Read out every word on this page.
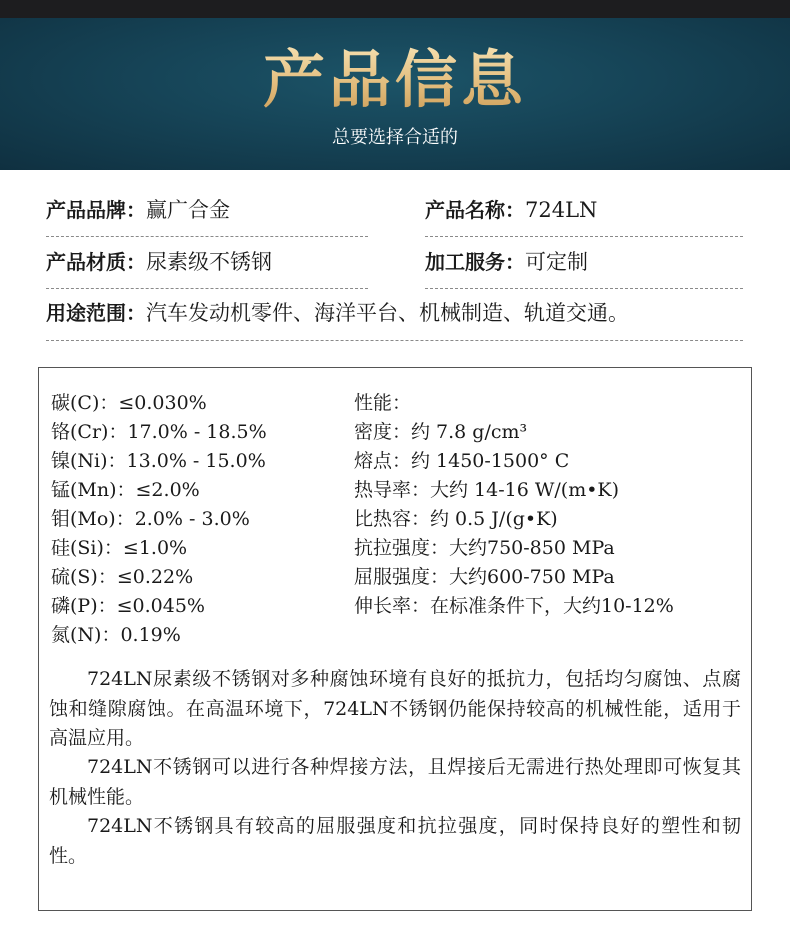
产品信息
总要选择合适的
产品品牌：赢广合金	产品名称：724LN
产品材质：尿素级不锈钢	加工服务：可定制
用途范围：汽车发动机零件、海洋平台、机械制造、轨道交通。
碳(C)：≤0.030%
铬(Cr)：17.0% - 18.5%
镍(Ni)：13.0% - 15.0%
锰(Mn)：≤2.0%
钼(Mo)：2.0% - 3.0%
硅(Si)：≤1.0%
硫(S)：≤0.22%
磷(P)：≤0.045%
氮(N)：0.19%
性能：
密度：约 7.8 g/cm³
熔点：约 1450-1500° C
热导率：大约 14-16 W/(m•K)
比热容：约 0.5 J/(g•K)
抗拉强度：大约750-850 MPa
屈服强度：大约600-750 MPa
伸长率：在标准条件下，大约10-12%

724LN尿素级不锈钢对多种腐蚀环境有良好的抵抗力，包括均匀腐蚀、点腐蚀和缝隙腐蚀。在高温环境下，724LN不锈钢仍能保持较高的机械性能，适用于高温应用。

724LN不锈钢可以进行各种焊接方法，且焊接后无需进行热处理即可恢复其机械性能。

724LN不锈钢具有较高的屈服强度和抗拉强度，同时保持良好的塑性和韧性。
